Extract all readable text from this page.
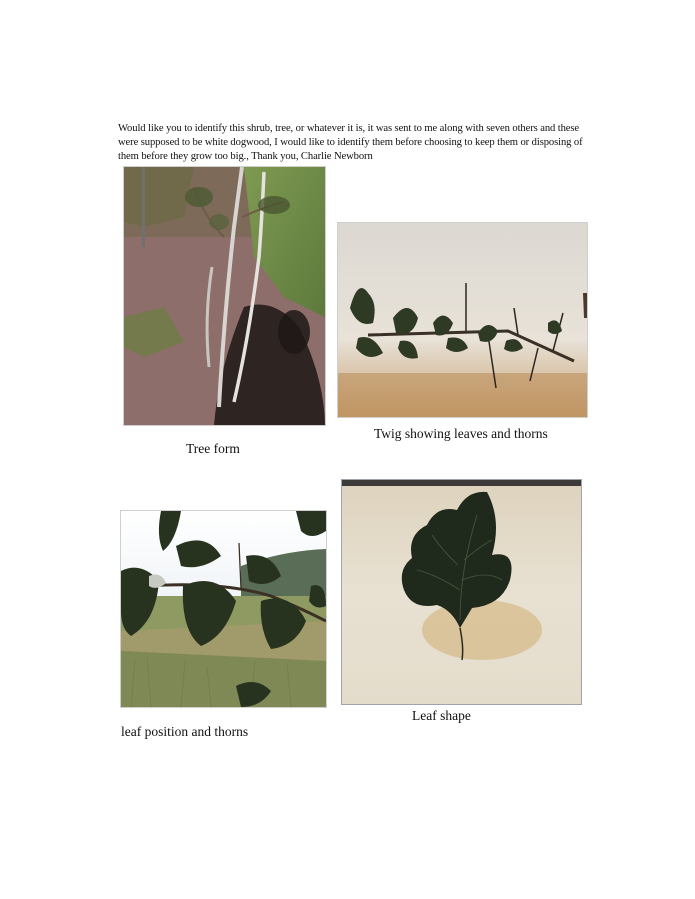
Would like you to identify this shrub, tree, or whatever it is, it was sent to me along with seven others and these were supposed to be white dogwood, I would like to identify them before choosing to keep them or disposing of them before they grow too big., Thank you, Charlie Newborn

Twig showing leaves and thorns
Tree form
Leaf shape
leaf position and thorns
